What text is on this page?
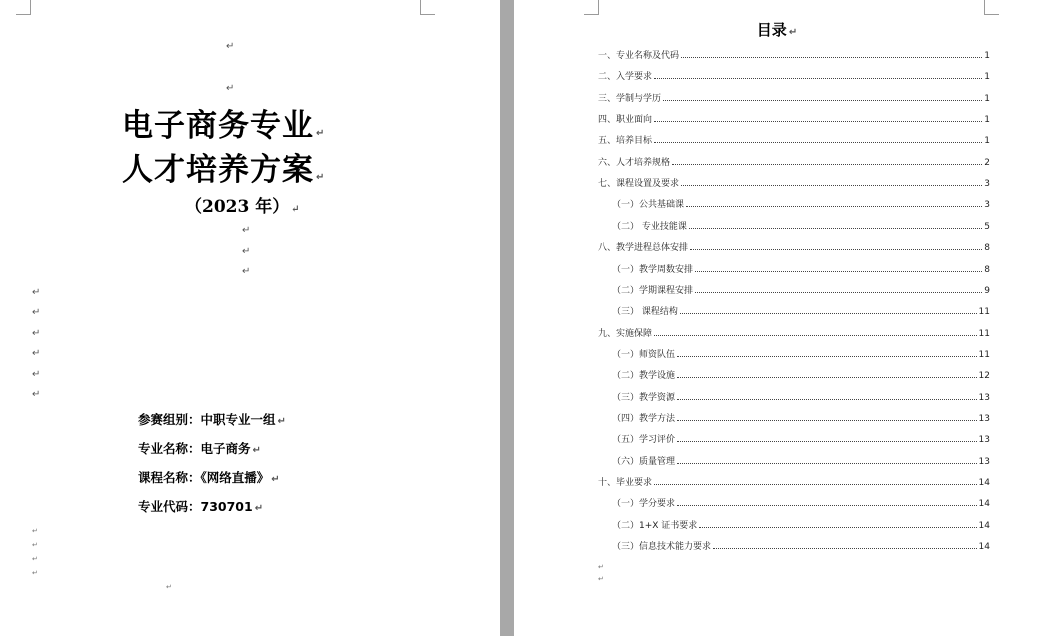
↵
↵
电子商务专业 ↵
人才培养方案 ↵
（2023 年） ↵
↵
↵
↵
↵
↵
↵
↵
↵
↵
参赛组别：中职专业一组 ↵
专业名称：电子商务 ↵
课程名称：《网络直播》 ↵
专业代码：730701 ↵
↵
↵
↵
↵
↵
目录 ↵
一、专业名称及代码	1
二、入学要求	1
三、学制与学历	1
四、职业面向	1
五、培养目标	1
六、人才培养规格	2
七、课程设置及要求	3
（一）公共基础课	3
（二） 专业技能课	5
八、教学进程总体安排	8
（一）教学周数安排	8
（二）学期课程安排	9
（三） 课程结构	11
九、实施保障	11
（一）师资队伍	11
（二）教学设施	12
（三）教学资源	13
（四）教学方法	13
（五）学习评价	13
（六）质量管理	13
十、毕业要求	14
（一）学分要求	14
（二）1+X 证书要求	14
（三）信息技术能力要求	14
↵
↵
